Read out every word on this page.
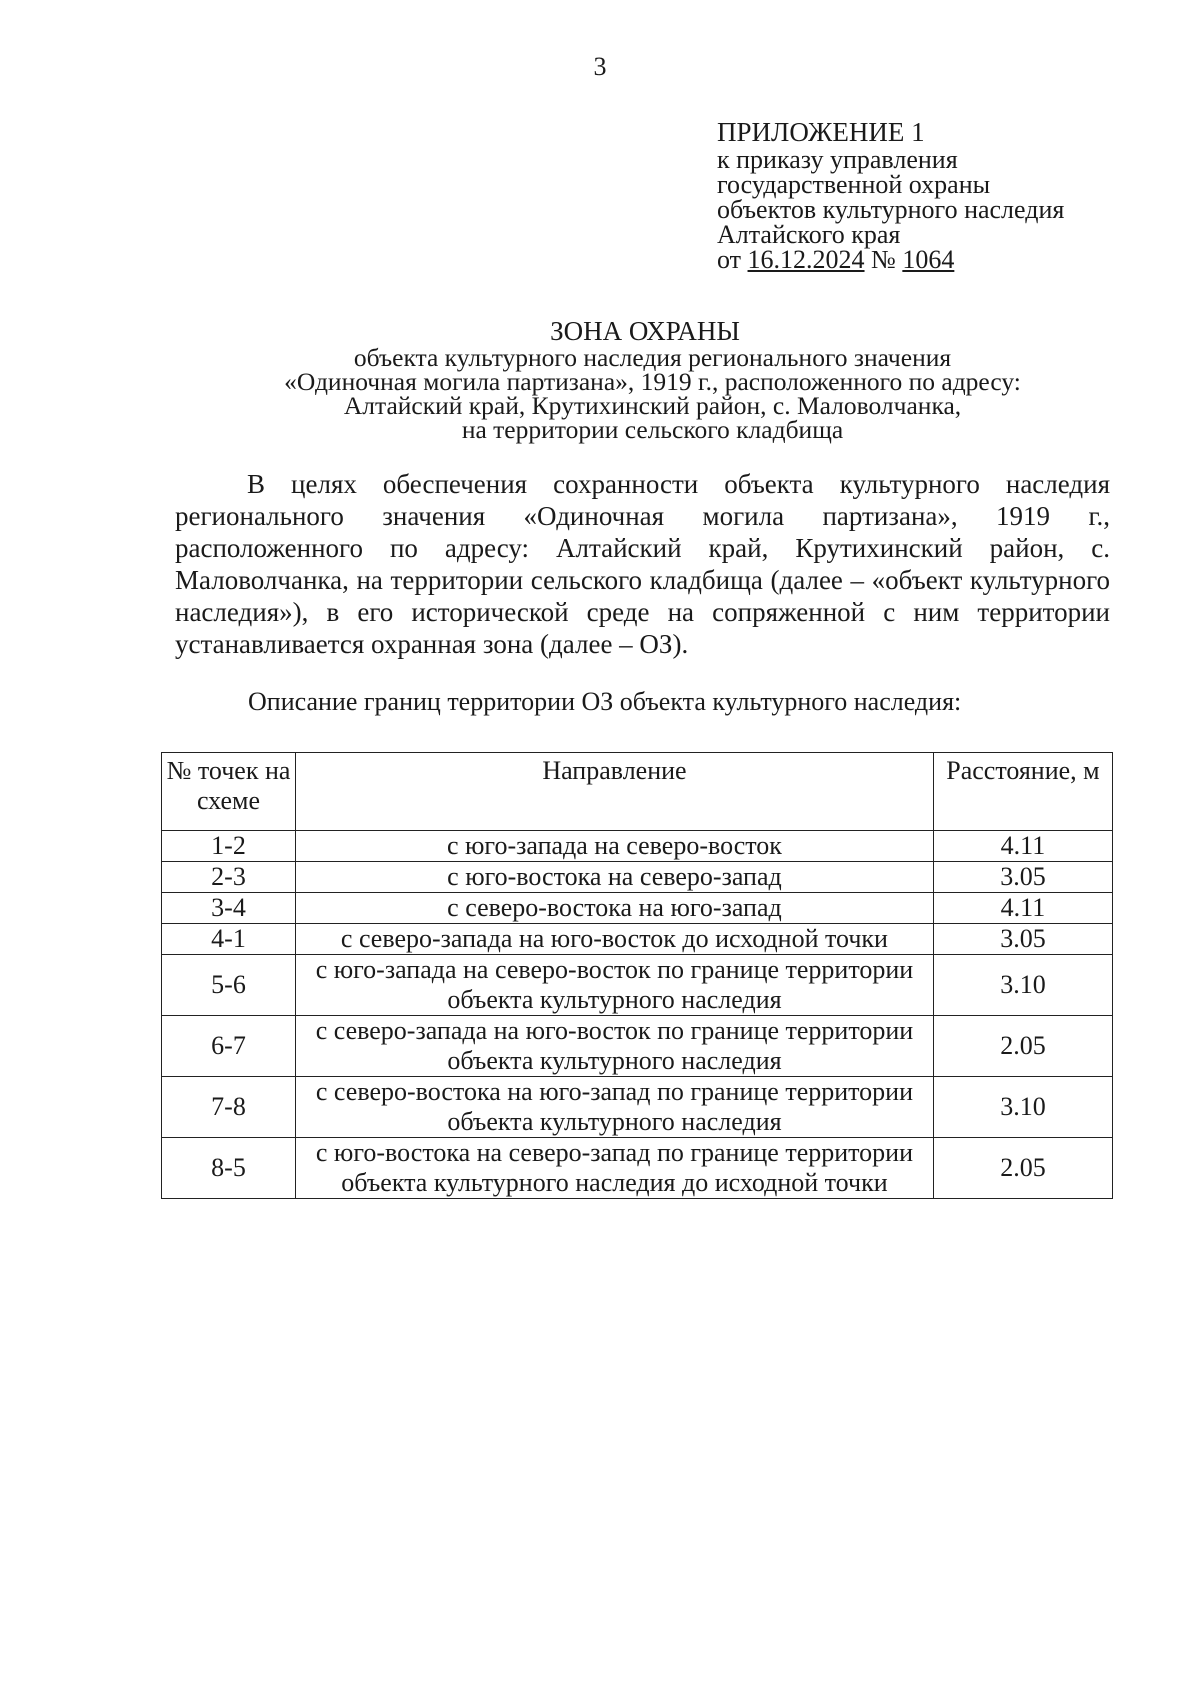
3
ПРИЛОЖЕНИЕ 1
к приказу управления
государственной охраны
объектов культурного наследия
Алтайского края
от 16.12.2024 № 1064
ЗОНА ОХРАНЫ
объекта культурного наследия регионального значения
«Одиночная могила партизана», 1919 г., расположенного по адресу:
Алтайский край, Крутихинский район, с. Маловолчанка,
на территории сельского кладбища
В целях обеспечения сохранности объекта культурного наследия регионального значения «Одиночная могила партизана», 1919 г., расположенного по адресу: Алтайский край, Крутихинский район, с. Маловолчанка, на территории сельского кладбища (далее – «объект культурного наследия»), в его исторической среде на сопряженной с ним территории устанавливается охранная зона (далее – ОЗ).
Описание границ территории ОЗ объекта культурного наследия:
№ точек на схеме	Направление	Расстояние, м
1-2	с юго-запада на северо-восток	4.11
2-3	с юго-востока на северо-запад	3.05
3-4	с северо-востока на юго-запад	4.11
4-1	с северо-запада на юго-восток до исходной точки	3.05
5-6	с юго-запада на северо-восток по границе территории объекта культурного наследия	3.10
6-7	с северо-запада на юго-восток по границе территории объекта культурного наследия	2.05
7-8	с северо-востока на юго-запад по границе территории объекта культурного наследия	3.10
8-5	с юго-востока на северо-запад по границе территории объекта культурного наследия до исходной точки	2.05
